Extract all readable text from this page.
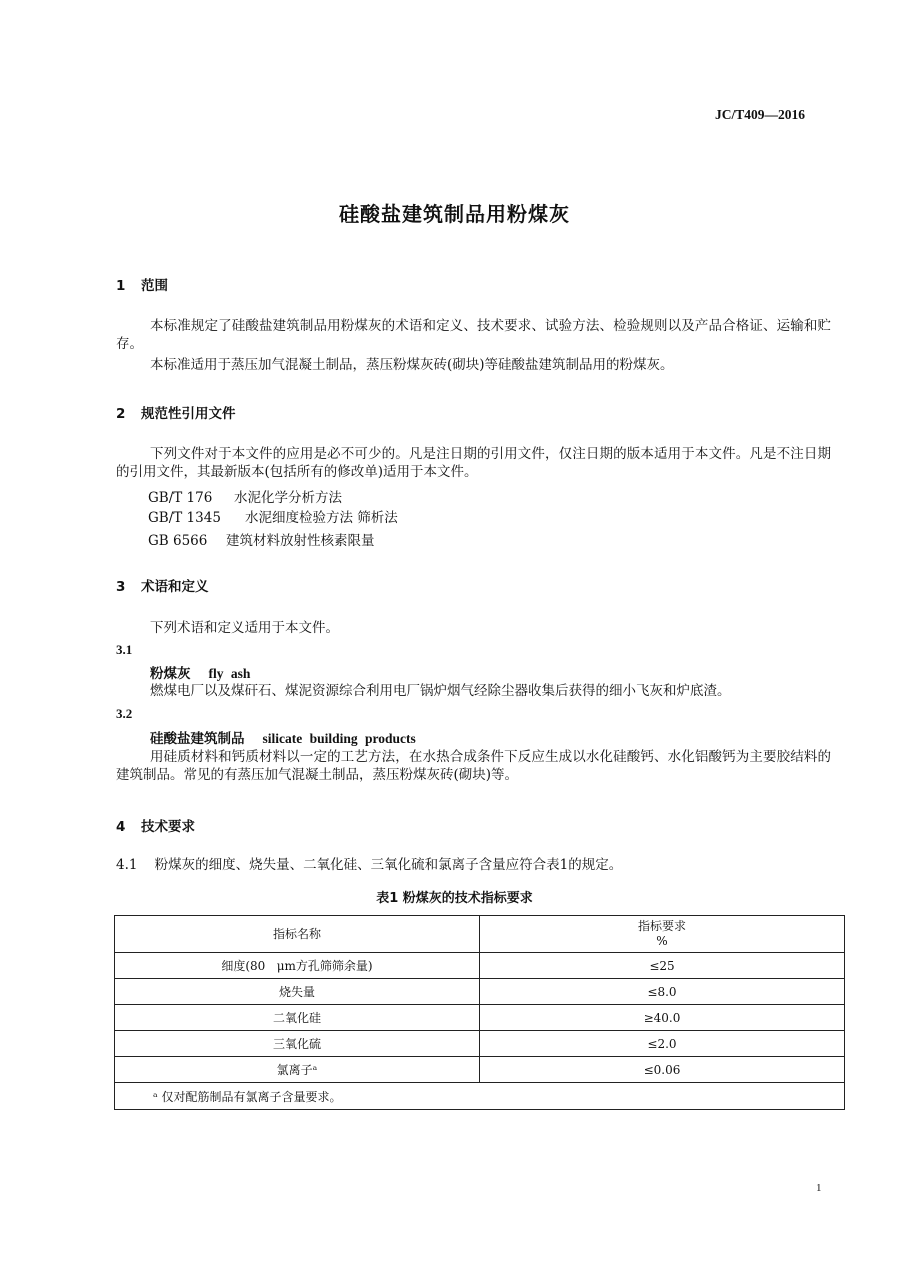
JC/T409—2016
硅酸盐建筑制品用粉煤灰
1 范围
本标准规定了硅酸盐建筑制品用粉煤灰的术语和定义、技术要求、试验方法、检验规则以及产品合格证、运输和贮存。
本标准适用于蒸压加气混凝土制品，蒸压粉煤灰砖(砌块)等硅酸盐建筑制品用的粉煤灰。
2 规范性引用文件
下列文件对于本文件的应用是必不可少的。凡是注日期的引用文件，仅注日期的版本适用于本文件。凡是不注日期的引用文件，其最新版本(包括所有的修改单)适用于本文件。
GB/T 176 水泥化学分析方法
GB/T 1345 水泥细度检验方法 筛析法
GB 6566 建筑材料放射性核素限量
3 术语和定义
下列术语和定义适用于本文件。
3.1
粉煤灰 fly ash
燃煤电厂以及煤矸石、煤泥资源综合利用电厂锅炉烟气经除尘器收集后获得的细小飞灰和炉底渣。
3.2
硅酸盐建筑制品 silicate building products
用硅质材料和钙质材料以一定的工艺方法，在水热合成条件下反应生成以水化硅酸钙、水化铝酸钙为主要胶结料的建筑制品。常见的有蒸压加气混凝土制品，蒸压粉煤灰砖(砌块)等。
4 技术要求
4.1    粉煤灰的细度、烧失量、二氧化硅、三氧化硫和氯离子含量应符合表1的规定。
表1 粉煤灰的技术指标要求
指标名称	指标要求
%

细度(80   μm方孔筛筛余量)	≤25
烧失量	≤8.0
二氧化硅	≥40.0
三氧化硫	≤2.0
氯离子ᵃ	≤0.06
ᵃ 仅对配筋制品有氯离子含量要求。	
1
